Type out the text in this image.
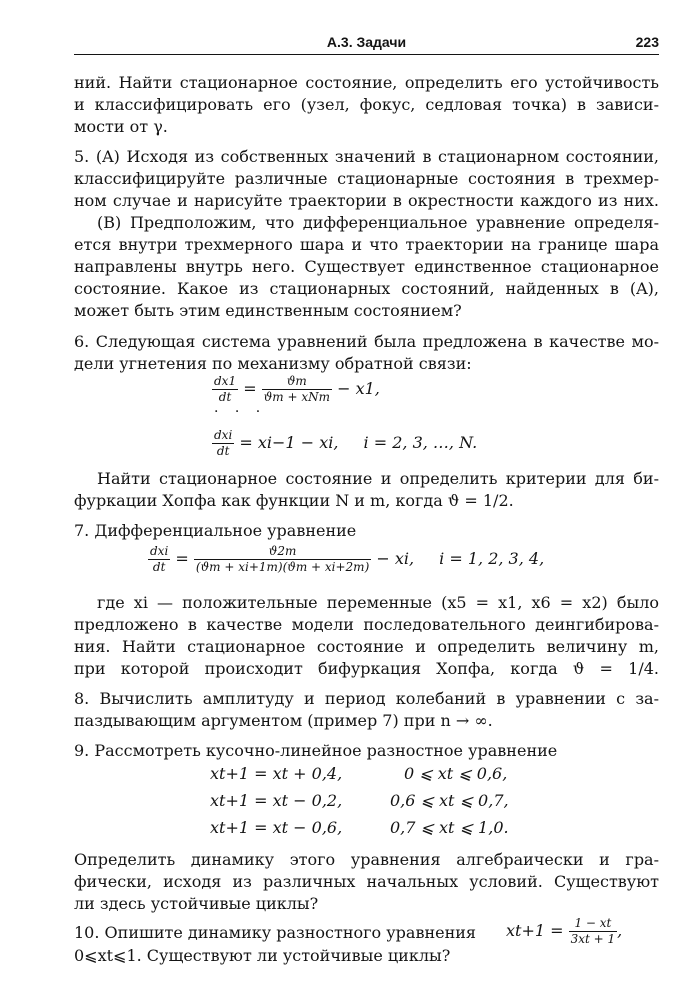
А.3. Задачи	223
ний. Найти стационарное состояние, определить его устойчивость
и классифицировать его (узел, фокус, седловая точка) в зависи-
мости от γ.
5. (A) Исходя из собственных значений в стационарном состоянии,
классифицируйте различные стационарные состояния в трехмер-
ном случае и нарисуйте траектории в окрестности каждого из них.
(B) Предположим, что дифференциальное уравнение определя-
ется внутри трехмерного шара и что траектории на границе шара
направлены внутрь него. Существует единственное стационарное
состояние. Какое из стационарных состояний, найденных в (A),
может быть этим единственным состоянием?
6. Следующая система уравнений была предложена в качестве мо-
дели угнетения по механизму обратной связи:
$\frac{dx1}{dt} = \frac{ϑm}{\text{ϑm + xNm}} - x1$,
· · ·
$\frac{\text{dxi}}{dt} = xi-1$ − xi, i = 2, 3, …, N.
Найти стационарное состояние и определить критерии для би-
фуркации Хопфа как функции N и m, когда ϑ = 1/2.
7. Дифференциальное уравнение
$\frac{\text{dxi}}{dt} = \frac{ϑ2m}{(ϑm + xi+1m)(ϑm + xi+2m)}$ − xi, i = 1, 2, 3, 4,
где xi — положительные переменные (x5 = x1, x6 = x2) было
предложено в качестве модели последовательного деингибирова-
ния. Найти стационарное состояние и определить величину m,
при которой происходит бифуркация Хопфа, когда ϑ = 1/4.
8. Вычислить амплитуду и период колебаний в уравнении с за-
паздывающим аргументом (пример 7) при n → ∞.
9. Рассмотреть кусочно-линейное разностное уравнение
xt+1 = xt + 0,4,	0 ⩽ xt ⩽ 0,6,
xt+1 = xt − 0,2,	0,6 ⩽ xt ⩽ 0,7,
xt+1 = xt − 0,6,	0,7 ⩽ xt ⩽ 1,0.
Определить динамику этого уравнения алгебраически и гра-
фически, исходя из различных начальных условий. Существуют
ли здесь устойчивые циклы?
10. Опишите динамику разностного уравнения	$xt+1 = \frac{1 - xt}{3xt + 1}$ ,
0⩽xt⩽1. Существуют ли устойчивые циклы?
